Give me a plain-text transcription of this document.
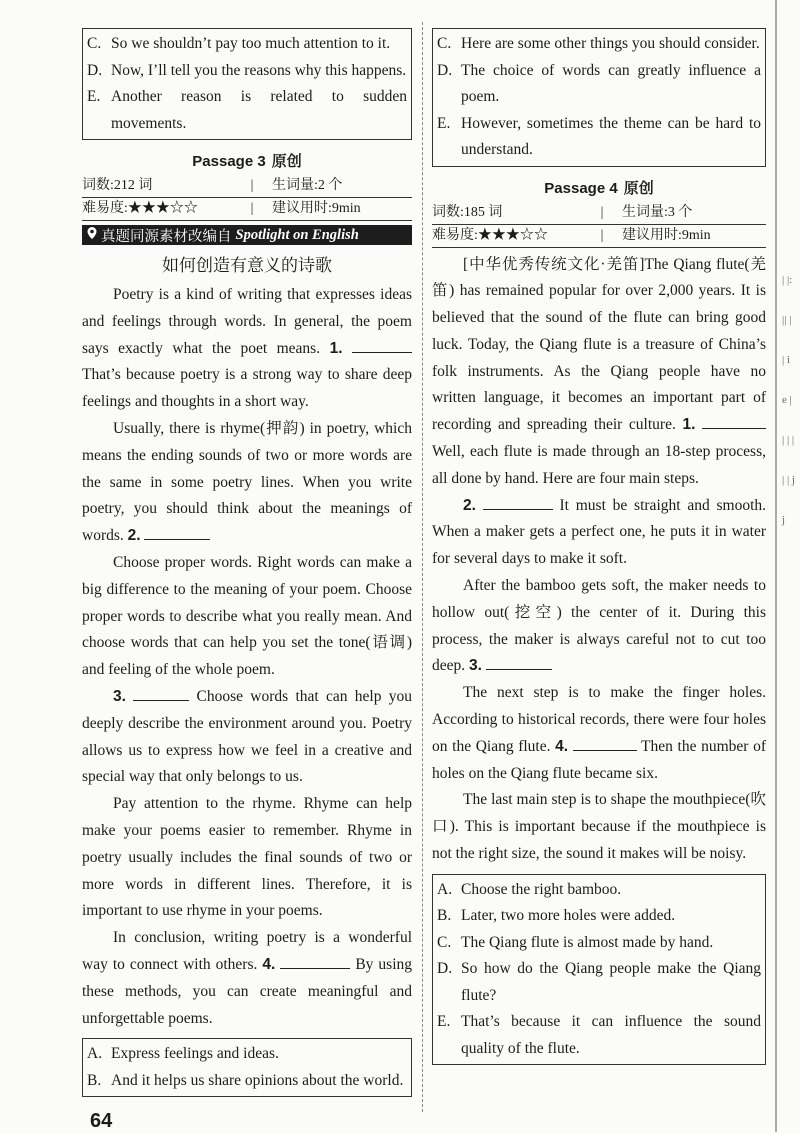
| |: || | | i e | | | | | | j j
C. So we shouldn’t pay too much attention to it.
D. Now, I’ll tell you the reasons why this happens.
E. Another reason is related to sudden movements.
Passage 3 原创
词数:212 词	|	生词量:2 个
难易度:★★★☆☆	|	建议用时:9min
真题同源素材改编自 Spotlight on English
如何创造有意义的诗歌

Poetry is a kind of writing that expresses ideas and feelings through words. In general, the poem says exactly what the poet means. 1.  That’s because poetry is a strong way to share deep feelings and thoughts in a short way.

Usually, there is rhyme(押韵) in poetry, which means the ending sounds of two or more words are the same in some poetry lines. When you write poetry, you should think about the meanings of words. 2.

Choose proper words. Right words can make a big difference to the meaning of your poem. Choose proper words to describe what you really mean. And choose words that can help you set the tone(语调) and feeling of the whole poem.

3.	Choose words that can help you deeply describe the environment around you. Poetry allows us to express how we feel in a creative and special way that only belongs to us.

Pay attention to the rhyme. Rhyme can help make your poems easier to remember. Rhyme in poetry usually includes the final sounds of two or more words in different lines. Therefore, it is important to use rhyme in your poems.

In conclusion, writing poetry is a wonderful way to connect with others. 4.	By using these methods, you can create meaningful and unforgettable poems.

A. Express feelings and ideas.
B. And it helps us share opinions about the world.
C. Here are some other things you should consider.
D. The choice of words can greatly influence a poem.
E. However, sometimes the theme can be hard to understand.
Passage 4 原创
词数:185 词	|	生词量:3 个
难易度:★★★☆☆	|	建议用时:9min

[中华优秀传统文化·羌笛]The Qiang flute(羌笛) has remained popular for over 2,000 years. It is believed that the sound of the flute can bring good luck. Today, the Qiang flute is a treasure of China’s folk instruments. As the Qiang people have no written language, it becomes an important part of recording and spreading their culture. 1.  Well, each flute is made through an 18-step process, all done by hand. Here are four main steps.

2.	It must be straight and smooth. When a maker gets a perfect one, he puts it in water for several days to make it soft.

After the bamboo gets soft, the maker needs to hollow out(挖空) the center of it. During this process, the maker is always careful not to cut too deep. 3.

The next step is to make the finger holes. According to historical records, there were four holes on the Qiang flute. 4.	Then the number of holes on the Qiang flute became six.

The last main step is to shape the mouthpiece(吹口). This is important because if the mouthpiece is not the right size, the sound it makes will be noisy.

A. Choose the right bamboo.
B. Later, two more holes were added.
C. The Qiang flute is almost made by hand.
D. So how do the Qiang people make the Qiang flute?
E. That’s because it can influence the sound quality of the flute.
64
